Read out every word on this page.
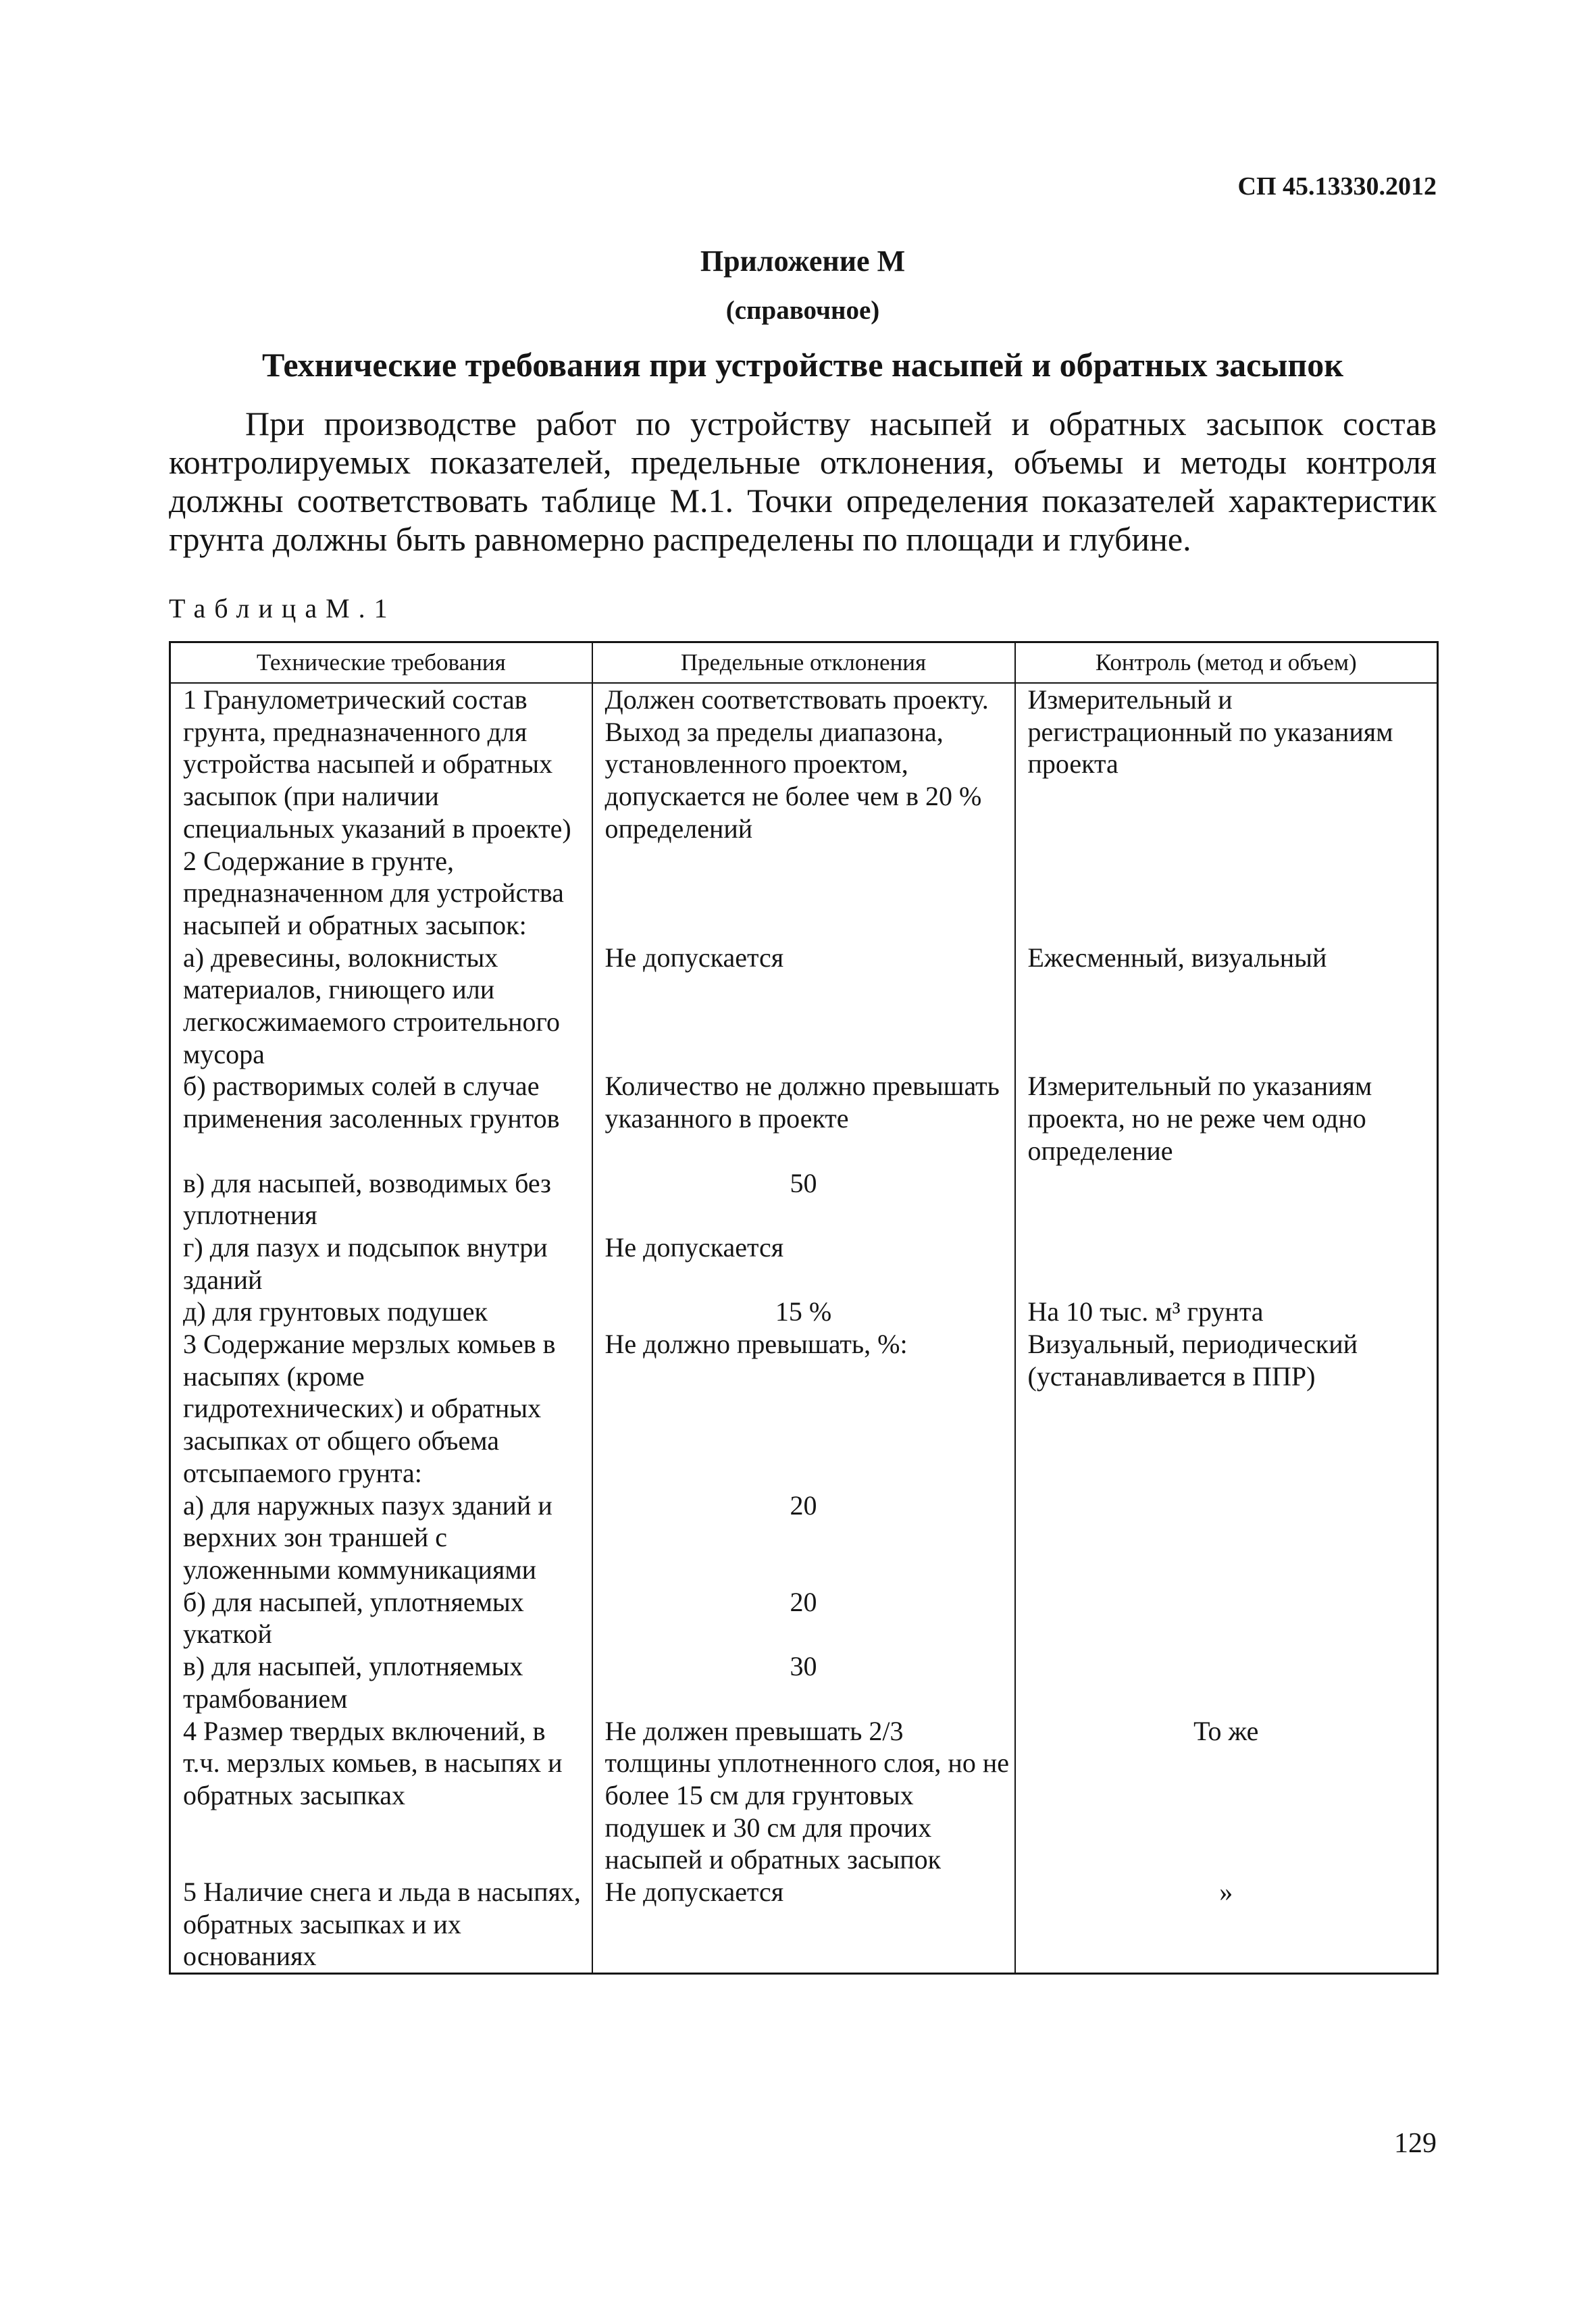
СП 45.13330.2012
Приложение М
(справочное)
Технические требования при устройстве насыпей и обратных засыпок

При производстве работ по устройству насыпей и обратных засыпок состав контролируемых показателей, предельные отклонения, объемы и методы контроля должны соответствовать таблице М.1. Точки определения показателей характеристик грунта должны быть равномерно распределены по площади и глубине.

ТаблицаМ.1
Технические требования	Предельные отклонения	Контроль (метод и объем)
1 Гранулометрический состав грунта, предназначенного для устройства насыпей и обратных засыпок (при наличии специальных указаний в проекте)	Должен соответствовать проекту. Выход за пределы диапазона, установленного проектом, допускается не более чем в 20 % определений	Измерительный и регистрационный по указаниям проекта
2 Содержание в грунте, предназначенном для устройства насыпей и обратных засыпок:		
а) древесины, волокнистых материалов, гниющего или легкосжимаемого строительного мусора	Не допускается	Ежесменный, визуальный
б) растворимых солей в случае применения засоленных грунтов	Количество не должно превышать указанного в проекте	Измерительный по указаниям проекта, но не реже чем одно определение
в) для насыпей, возводимых без уплотнения	50	
г) для пазух и подсыпок внутри зданий	Не допускается	
д) для грунтовых подушек	15 %	На 10 тыс. м³ грунта
3 Содержание мерзлых комьев в насыпях (кроме гидротехнических) и обратных засыпках от общего объема отсыпаемого грунта:	Не должно превышать, %:	Визуальный, периодический (устанавливается в ППР)
а) для наружных пазух зданий и верхних зон траншей с уложенными коммуникациями	20	
б) для насыпей, уплотняемых укаткой	20	
в) для насыпей, уплотняемых трамбованием	30	
4 Размер твердых включений, в т.ч. мерзлых комьев, в насыпях и обратных засыпках	Не должен превышать 2/3 толщины уплотненного слоя, но не более 15 см для грунтовых подушек и 30 см для прочих насыпей и обратных засыпок	То же
5 Наличие снега и льда в насыпях, обратных засыпках и их основаниях	Не допускается	»
129
